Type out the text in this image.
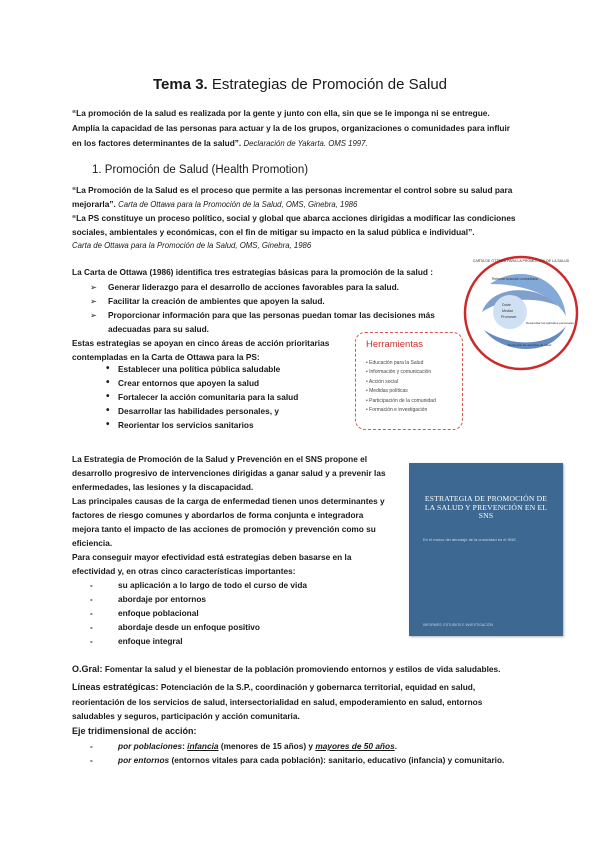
Tema 3. Estrategias de Promoción de Salud
“La promoción de la salud es realizada por la gente y junto con ella, sin que se le imponga ni se entregue.
Amplía la capacidad de las personas para actuar y la de los grupos, organizaciones o comunidades para influir
en los factores determinantes de la salud”. Declaración de Yakarta. OMS 1997.
1. Promoción de Salud (Health Promotion)
“La Promoción de la Salud es el proceso que permite a las personas incrementar el control sobre su salud para
mejorarla”. Carta de Ottawa para la Promoción de la Salud, OMS, Ginebra, 1986
“La PS constituye un proceso político, social y global que abarca acciones dirigidas a modificar las condiciones
sociales, ambientales y económicas, con el fin de mitigar su impacto en la salud pública e individual”.
Carta de Ottawa para la Promoción de la Salud, OMS, Ginebra, 1986
La Carta de Ottawa (1986) identifica tres estrategias básicas para la promoción de la salud :
➢ Generar liderazgo para el desarrollo de acciones favorables para la salud.
➢ Facilitar la creación de ambientes que apoyen la salud.
➢ Proporcionar información para que las personas puedan tomar las decisiones más
adecuadas para su salud.
Estas estrategias se apoyan en cinco áreas de acción prioritarias
contempladas en la Carta de Ottawa para la PS:
• Establecer una política pública saludable
• Crear entornos que apoyen la salud
• Fortalecer la acción comunitaria para la salud
• Desarrollar las habilidades personales, y
• Reorientar los servicios sanitarios
Herramientas
• Educación para la Salud
• Información y comunicación
• Acción social
• Medidas políticas
• Participación de la comunidad
• Formación e investigación
CARTA DE OTTAWA PARA LA PROMOCIÓN DE LA SALUD
Reforzar la acción comunitaria
Dotar
Mediar
Promover
Desarrollar las aptitudes personales
Reorientar los servicios de salud
La Estrategia de Promoción de la Salud y Prevención en el SNS propone el
desarrollo progresivo de intervenciones dirigidas a ganar salud y a prevenir las
enfermedades, las lesiones y la discapacidad.
Las principales causas de la carga de enfermedad tienen unos determinantes y
factores de riesgo comunes y abordarlos de forma conjunta e integradora
mejora tanto el impacto de las acciones de promoción y prevención como su
eficiencia.
Para conseguir mayor efectividad está estrategias deben basarse en la
efectividad y, en otras cinco características importantes:
-	su aplicación a lo largo de todo el curso de vida
-	abordaje por entornos
-	enfoque poblacional
-	abordaje desde un enfoque positivo
-	enfoque integral
ESTRATEGIA DE PROMOCIÓN DE LA SALUD Y PREVENCIÓN EN EL SNS
En el marco del abordaje de la cronicidad en el SNS
INFORMES, ESTUDIOS E INVESTIGACIÓN
O.Gral: Fomentar la salud y el bienestar de la población promoviendo entornos y estilos de vida saludables.
Líneas estratégicas: Potenciación de la S.P., coordinación y gobernarca territorial, equidad en salud,
reorientación de los servicios de salud, intersectorialidad en salud, empoderamiento en salud, entornos
saludables y seguros, participación y acción comunitaria.
Eje tridimensional de acción:
-	por poblaciones: infancia (menores de 15 años) y mayores de 50 años.
-	por entornos (entornos vitales para cada población): sanitario, educativo (infancia) y comunitario.
